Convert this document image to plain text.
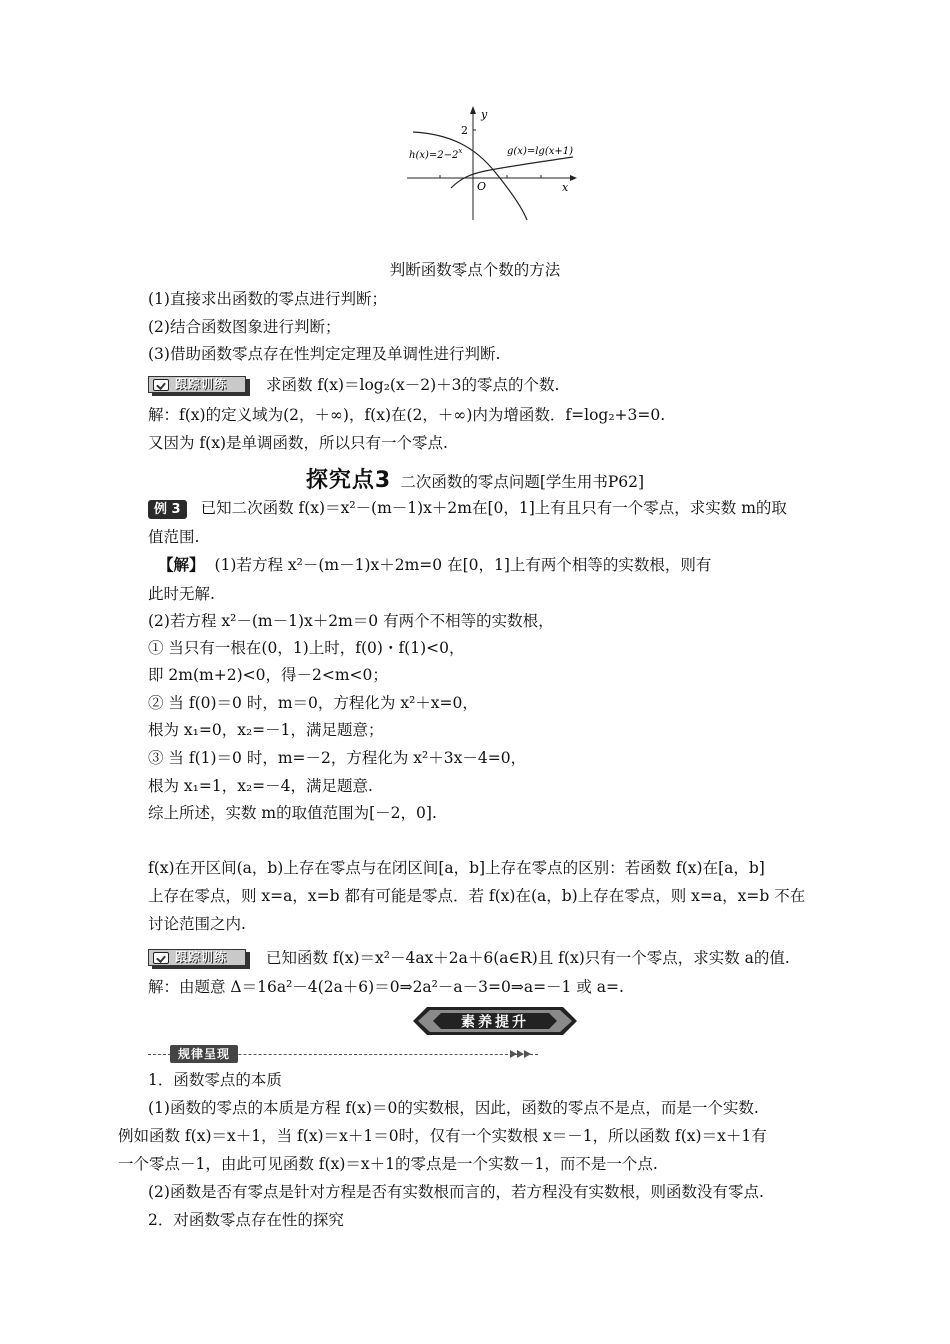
y
x
O
2
$h(x)=2-2^x$	g(x)=lg(x+1)
判断函数零点个数的方法
(1)直接求出函数的零点进行判断；
(2)结合函数图象进行判断；
(3)借助函数零点存在性判定定理及单调性进行判断.
跟踪训练	求函数 f(x)＝log₂(x－2)＋3的零点的个数.
解：f(x)的定义域为(2，＋∞)，f(x)在(2，＋∞)内为增函数．f=log₂+3=0.
又因为 f(x)是单调函数，所以只有一个零点.
探究点3 二次函数的零点问题[学生用书P62]
例 3 已知二次函数 f(x)＝x²－(m－1)x＋2m在[0，1]上有且只有一个零点，求实数 m的取
值范围.
【解】 (1)若方程 x²－(m－1)x＋2m=0 在[0，1]上有两个相等的实数根，则有
此时无解.
(2)若方程 x²－(m－1)x＋2m＝0 有两个不相等的实数根，
① 当只有一根在(0，1)上时，f(0)・f(1)<0，
即 2m(m+2)<0，得－2<m<0；
② 当 f(0)＝0 时，m＝0，方程化为 x²＋x=0，
根为 x₁=0，x₂=－1，满足题意；
③ 当 f(1)＝0 时，m=－2，方程化为 x²＋3x－4=0，
根为 x₁=1，x₂=－4，满足题意.
综上所述，实数 m的取值范围为[－2，0].
f(x)在开区间(a，b)上存在零点与在闭区间[a，b]上存在零点的区别：若函数 f(x)在[a，b]
上存在零点，则 x=a，x=b 都有可能是零点．若 f(x)在(a，b)上存在零点，则 x=a，x=b 不在
讨论范围之内.
跟踪训练	已知函数 f(x)＝x²－4ax＋2a＋6(a∈R)且 f(x)只有一个零点，求实数 a的值.
解：由题意 Δ＝16a²－4(2a＋6)＝0⇒2a²－a－3=0⇒a=－1 或 a=.
素养提升
规律呈现
1．函数零点的本质
(1)函数的零点的本质是方程 f(x)＝0的实数根，因此，函数的零点不是点，而是一个实数.
例如函数 f(x)＝x＋1，当 f(x)＝x＋1＝0时，仅有一个实数根 x＝－1，所以函数 f(x)＝x＋1有
一个零点－1，由此可见函数 f(x)＝x＋1的零点是一个实数－1，而不是一个点.
(2)函数是否有零点是针对方程是否有实数根而言的，若方程没有实数根，则函数没有零点.
2．对函数零点存在性的探究
